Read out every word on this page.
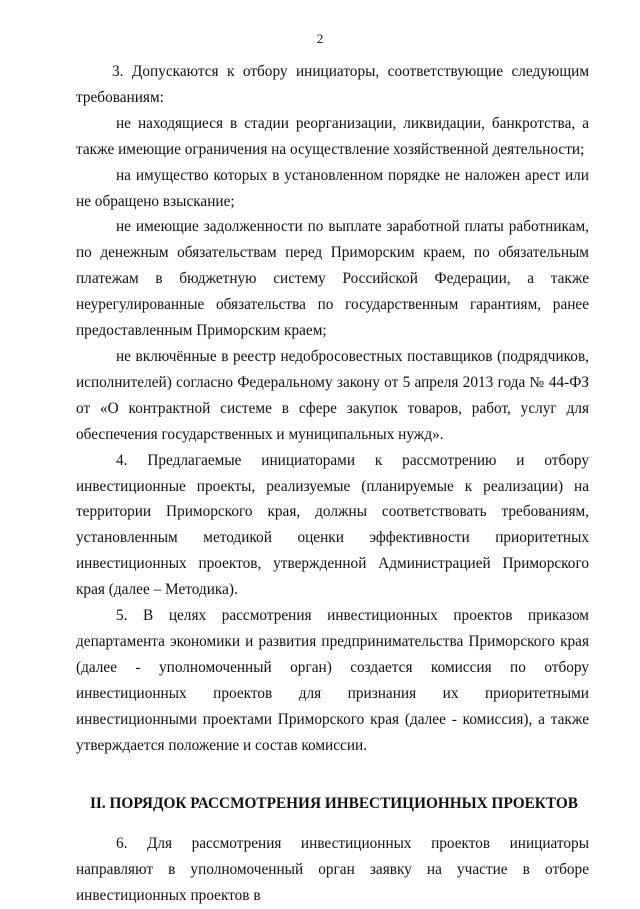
2

3. Допускаются к отбору инициаторы, соответствующие следующим требованиям:

не находящиеся в стадии реорганизации, ликвидации, банкротства, а также имеющие ограничения на осуществление хозяйственной деятельности;

на имуществo которых в установленном порядке не наложен арест или не обращено взыскание;

не имеющие задолженности по выплате заработной платы работникам, по денежным обязательствам перед Приморским краем, по обязательным платежам в бюджетную систему Российской Федерации, а также неурегулированные обязательства по государственным гарантиям, ранее предоставленным Приморским краем;

не включённые в реестр недобросовестных поставщиков (подрядчиков, исполнителей) согласно Федеральному закону от 5 апреля 2013 года № 44-ФЗ от «О контрактной системе в сфере закупок товаров, работ, услуг для обеспечения государственных и муниципальных нужд».

4. Предлагаемые инициаторами к рассмотрению и отбору инвестиционные проекты, реализуемые (планируемые к реализации) на территории Приморского края, должны соответствовать требованиям, установленным методикой оценки эффективности приоритетных инвестиционных проектов, утвержденной Администрацией Приморского края (далее – Методика).

5. В целях рассмотрения инвестиционных проектов приказом департамента экономики и развития предпринимательства Приморского края (далее - уполномоченный орган) создается комиссия по отбору инвестиционных проектов для признания их приоритетными инвестиционными проектами Приморского края (далее - комиссия), а также утверждается положение и состав комиссии.

II. ПОРЯДОК РАССМОТРЕНИЯ ИНВЕСТИЦИОННЫХ ПРОЕКТОВ

6. Для рассмотрения инвестиционных проектов инициаторы направляют в уполномоченный орган заявку на участие в отборе инвестиционных проектов в
